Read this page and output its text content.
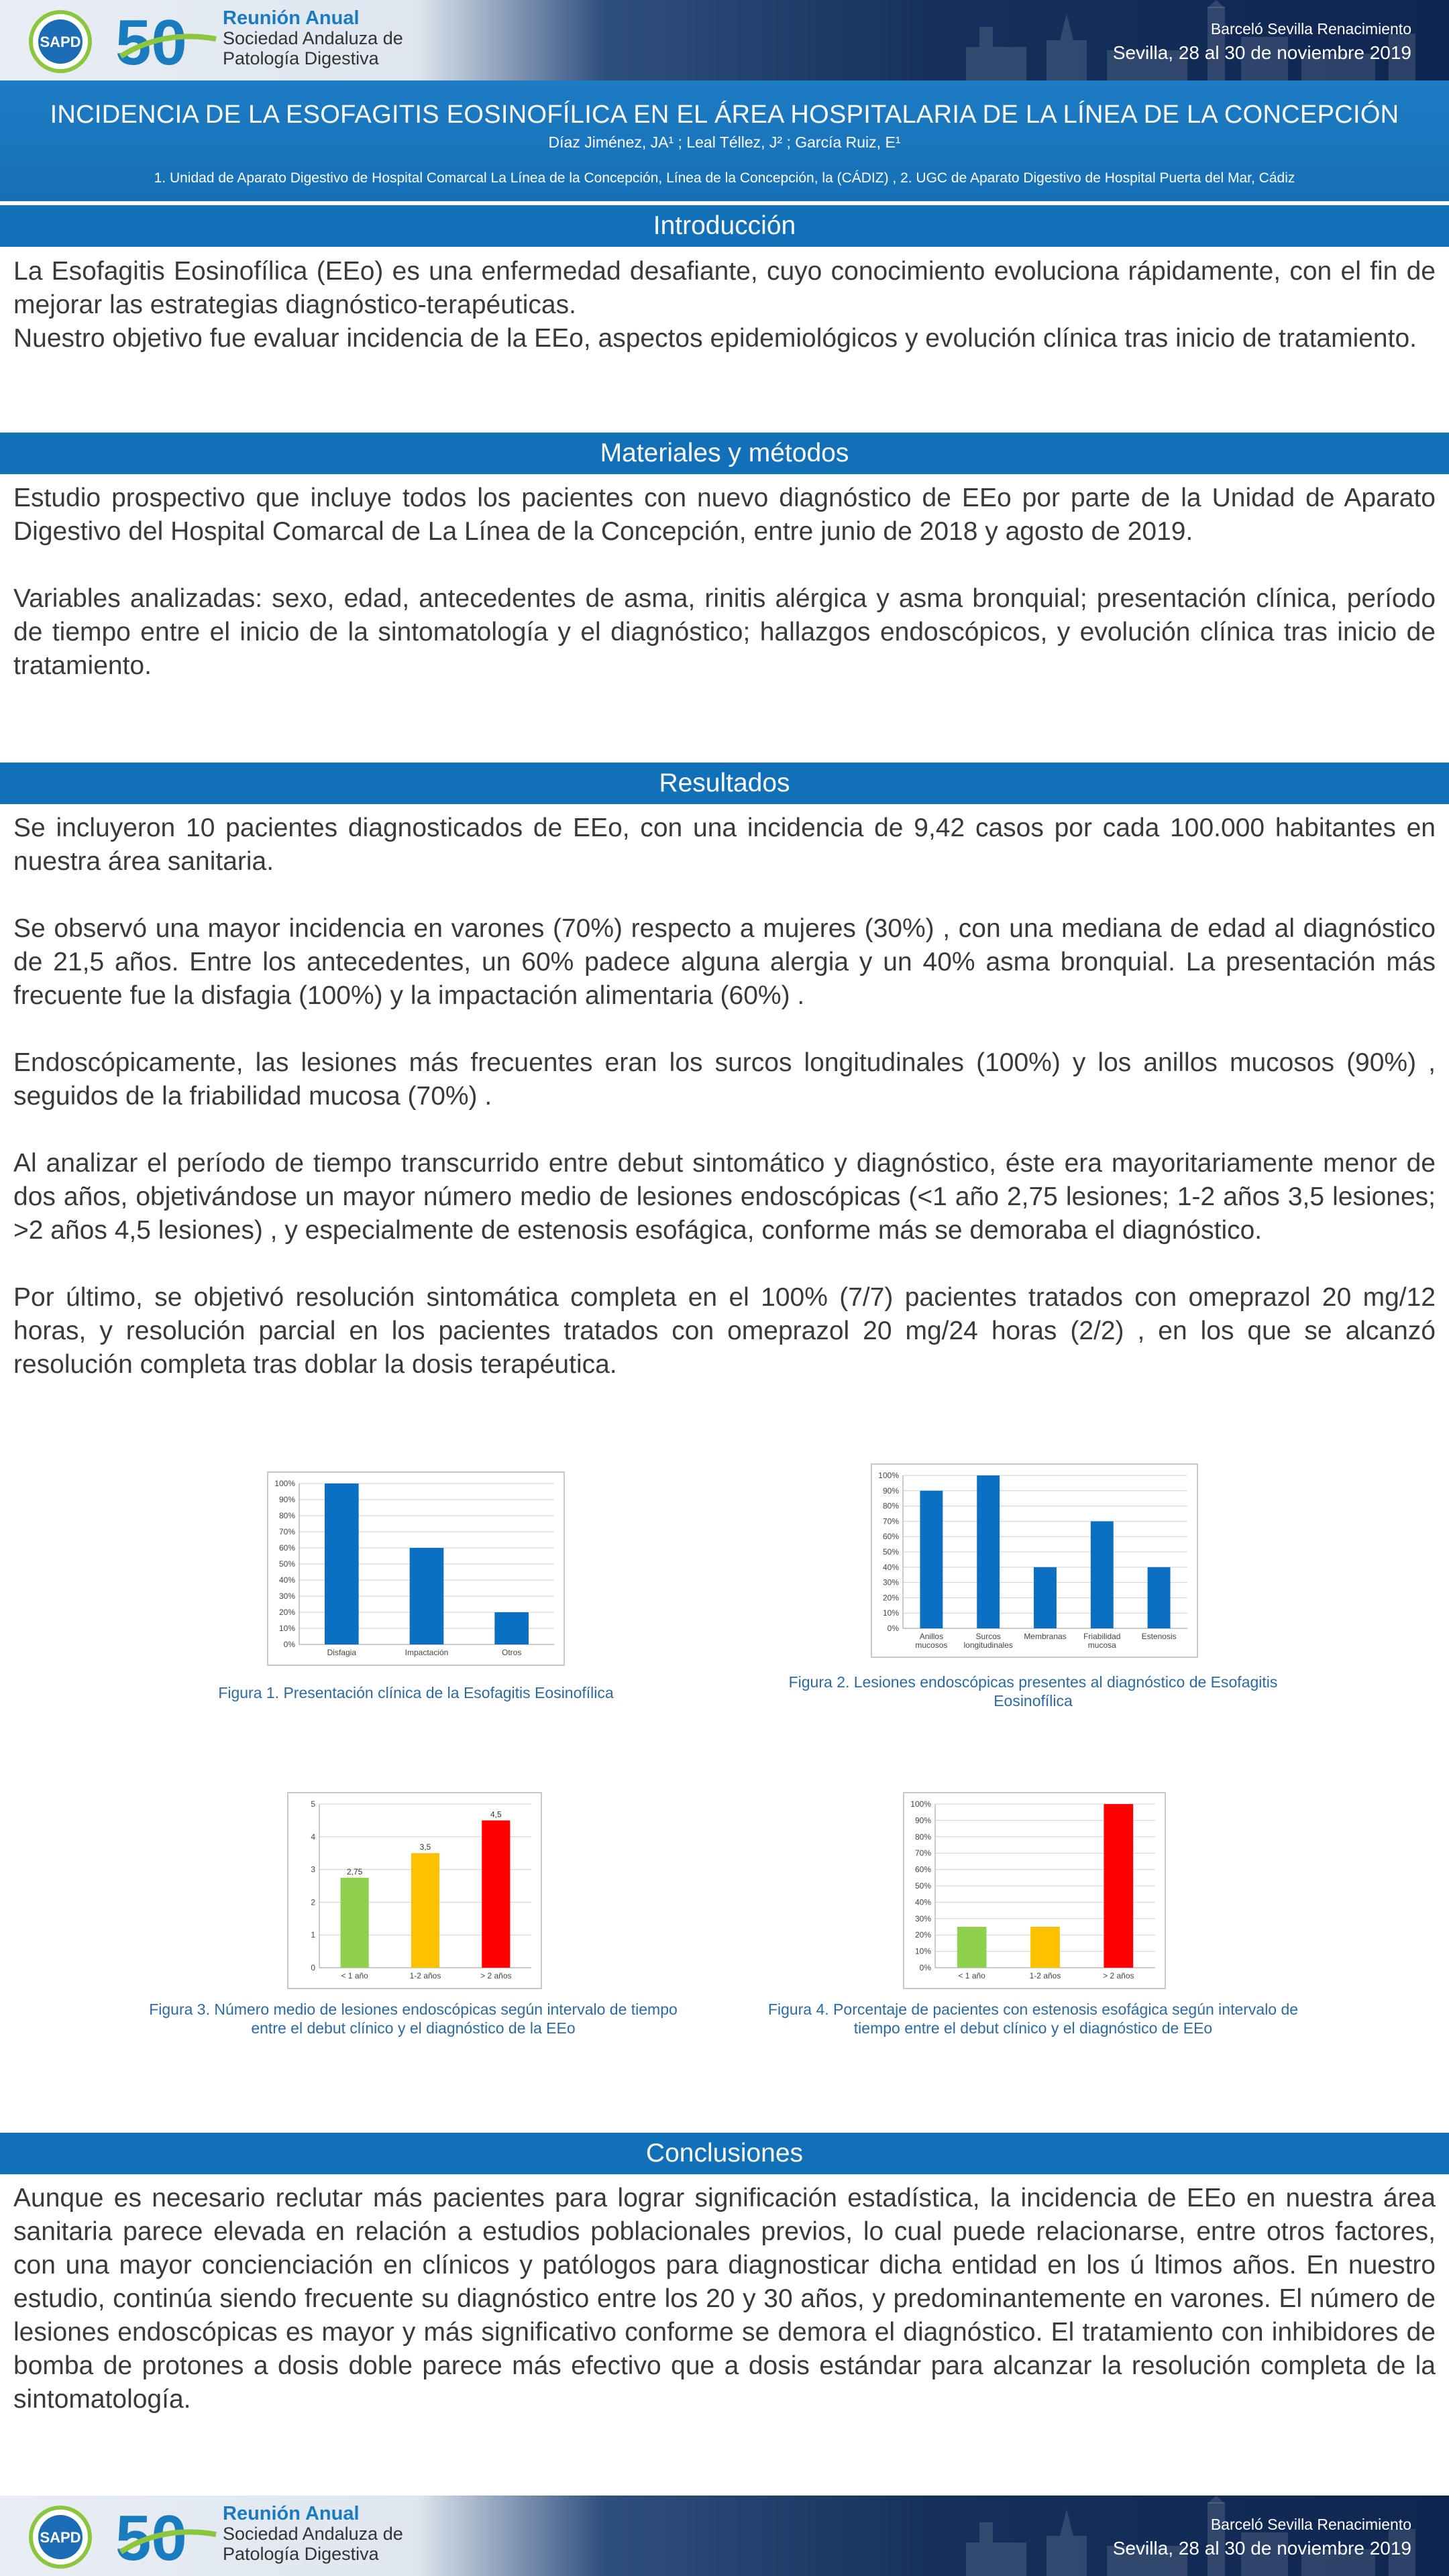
SAPD 50 Reunión Anual
Sociedad Andaluza de
Patología Digestiva
Barceló Sevilla Renacimiento
Sevilla, 28 al 30 de noviembre 2019
INCIDENCIA DE LA ESOFAGITIS EOSINOFÍLICA EN EL ÁREA HOSPITALARIA DE LA LÍNEA DE LA CONCEPCIÓN
Díaz Jiménez, JA¹ ; Leal Téllez, J² ; García Ruiz, E¹
1. Unidad de Aparato Digestivo de Hospital Comarcal La Línea de la Concepción, Línea de la Concepción, la (CÁDIZ) , 2. UGC de Aparato Digestivo de Hospital Puerta del Mar, Cádiz
Introducción

La Esofagitis Eosinofílica (EEo) es una enfermedad desafiante, cuyo conocimiento evoluciona rápidamente, con el fin de mejorar las estrategias diagnóstico-terapéuticas.

Nuestro objetivo fue evaluar incidencia de la EEo, aspectos epidemiológicos y evolución clínica tras inicio de tratamiento.

Materiales y métodos

Estudio prospectivo que incluye todos los pacientes con nuevo diagnóstico de EEo por parte de la Unidad de Aparato Digestivo del Hospital Comarcal de La Línea de la Concepción, entre junio de 2018 y agosto de 2019.

Variables analizadas: sexo, edad, antecedentes de asma, rinitis alérgica y asma bronquial; presentación clínica, período de tiempo entre el inicio de la sintomatología y el diagnóstico; hallazgos endoscópicos, y evolución clínica tras inicio de tratamiento.

Resultados

Se incluyeron 10 pacientes diagnosticados de EEo, con una incidencia de 9,42 casos por cada 100.000 habitantes en nuestra área sanitaria.

Se observó una mayor incidencia en varones (70%) respecto a mujeres (30%) , con una mediana de edad al diagnóstico de 21,5 años. Entre los antecedentes, un 60% padece alguna alergia y un 40% asma bronquial. La presentación más frecuente fue la disfagia (100%) y la impactación alimentaria (60%) .

Endoscópicamente, las lesiones más frecuentes eran los surcos longitudinales (100%) y los anillos mucosos (90%) , seguidos de la friabilidad mucosa (70%) .

Al analizar el período de tiempo transcurrido entre debut sintomático y diagnóstico, éste era mayoritariamente menor de dos años, objetivándose un mayor número medio de lesiones endoscópicas (<1 año 2,75 lesiones; 1-2 años 3,5 lesiones; >2 años 4,5 lesiones) , y especialmente de estenosis esofágica, conforme más se demoraba el diagnóstico.

Por último, se objetivó resolución sintomática completa en el 100% (7/7) pacientes tratados con omeprazol 20 mg/12 horas, y resolución parcial en los pacientes tratados con omeprazol 20 mg/24 horas (2/2) , en los que se alcanzó resolución completa tras doblar la dosis terapéutica.

0%
10%
20%
30%
40%
50%
60%
70%
80%
90%
100%
Disfagia	Impactación	Otros
Figura 1. Presentación clínica de la Esofagitis Eosinofílica
0%
10%
20%
30%
40%
50%
60%
70%
80%
90%
100%
Anillos
mucosos
Surcos
longitudinales
Membranas Friabilidad
mucosa
Estenosis
Figura 2. Lesiones endoscópicas presentes al diagnóstico de Esofagitis Eosinofílica
0
1
2
3
4
5
< 1 año
2,75
1-2 años
3,5
> 2 años
4,5
Figura 3. Número medio de lesiones endoscópicas según intervalo de tiempo entre el debut clínico y el diagnóstico de la EEo
0%
10%
20%
30%
40%
50%
60%
70%
80%
90%
100%
< 1 año	1-2 años	> 2 años
Figura 4. Porcentaje de pacientes con estenosis esofágica según intervalo de tiempo entre el debut clínico y el diagnóstico de EEo
Conclusiones

Aunque es necesario reclutar más pacientes para lograr significación estadística, la incidencia de EEo en nuestra área sanitaria parece elevada en relación a estudios poblacionales previos, lo cual puede relacionarse, entre otros factores, con una mayor concienciación en clínicos y patólogos para diagnosticar dicha entidad en los ú ltimos años. En nuestro estudio, continúa siendo frecuente su diagnóstico entre los 20 y 30 años, y predominantemente en varones. El número de lesiones endoscópicas es mayor y más significativo conforme se demora el diagnóstico. El tratamiento con inhibidores de bomba de protones a dosis doble parece más efectivo que a dosis estándar para alcanzar la resolución completa de la sintomatología.

SAPD 50 Reunión Anual
Sociedad Andaluza de
Patología Digestiva
Barceló Sevilla Renacimiento
Sevilla, 28 al 30 de noviembre 2019
